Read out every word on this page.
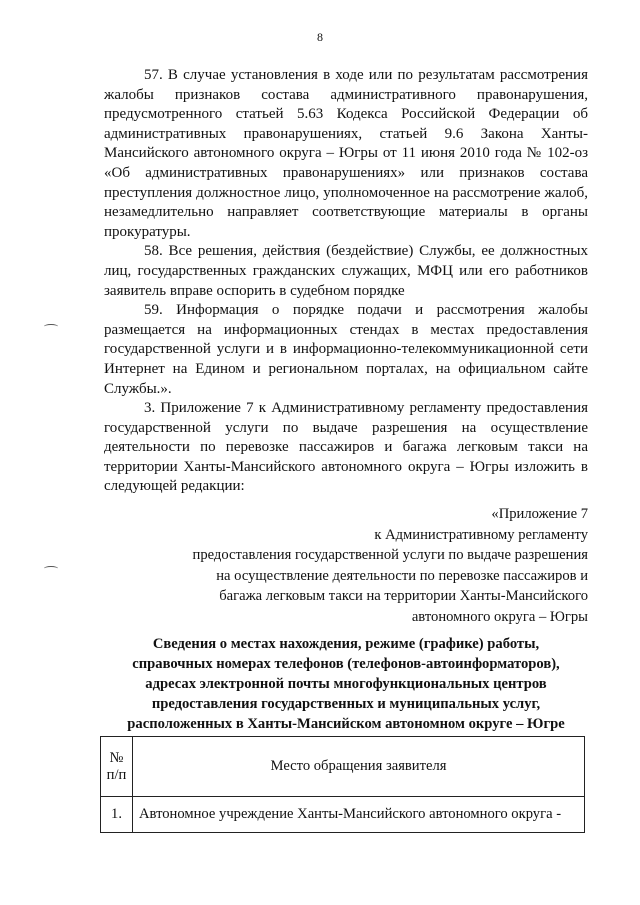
8

57. В случае установления в ходе или по результатам рассмотрения жалобы признаков состава административного правонарушения, предусмотренного статьей 5.63 Кодекса Российской Федерации об административных правонарушениях, статьей 9.6 Закона Ханты-Мансийского автономного округа – Югры от 11 июня 2010 года № 102-оз «Об административных правонарушениях» или признаков состава преступления должностное лицо, уполномоченное на рассмотрение жалоб, незамедлительно направляет соответствующие материалы в органы прокуратуры.

58. Все решения, действия (бездействие) Службы, ее должностных лиц, государственных гражданских служащих, МФЦ или его работников заявитель вправе оспорить в судебном порядке

59. Информация о порядке подачи и рассмотрения жалобы размещается на информационных стендах в местах предоставления государственной услуги и в информационно-телекоммуникационной сети Интернет на Едином и региональном порталах, на официальном сайте Службы.».

3. Приложение 7 к Административному регламенту предоставления государственной услуги по выдаче разрешения на осуществление деятельности по перевозке пассажиров и багажа легковым такси на территории Ханты-Мансийского автономного округа – Югры изложить в следующей редакции:

«Приложение 7
к Административному регламенту
предоставления государственной услуги по выдаче разрешения
на осуществление деятельности по перевозке пассажиров и
багажа легковым такси на территории Ханты-Мансийского
автономного округа – Югры
Сведения о местах нахождения, режиме (графике) работы,
справочных номерах телефонов (телефонов-автоинформаторов),
адресах электронной почты многофункциональных центров
предоставления государственных и муниципальных услуг,
расположенных в Ханты-Мансийском автономном округе – Югре
№
п/п	Место обращения заявителя
1.	Автономное учреждение Ханты-Мансийского автономного округа -
